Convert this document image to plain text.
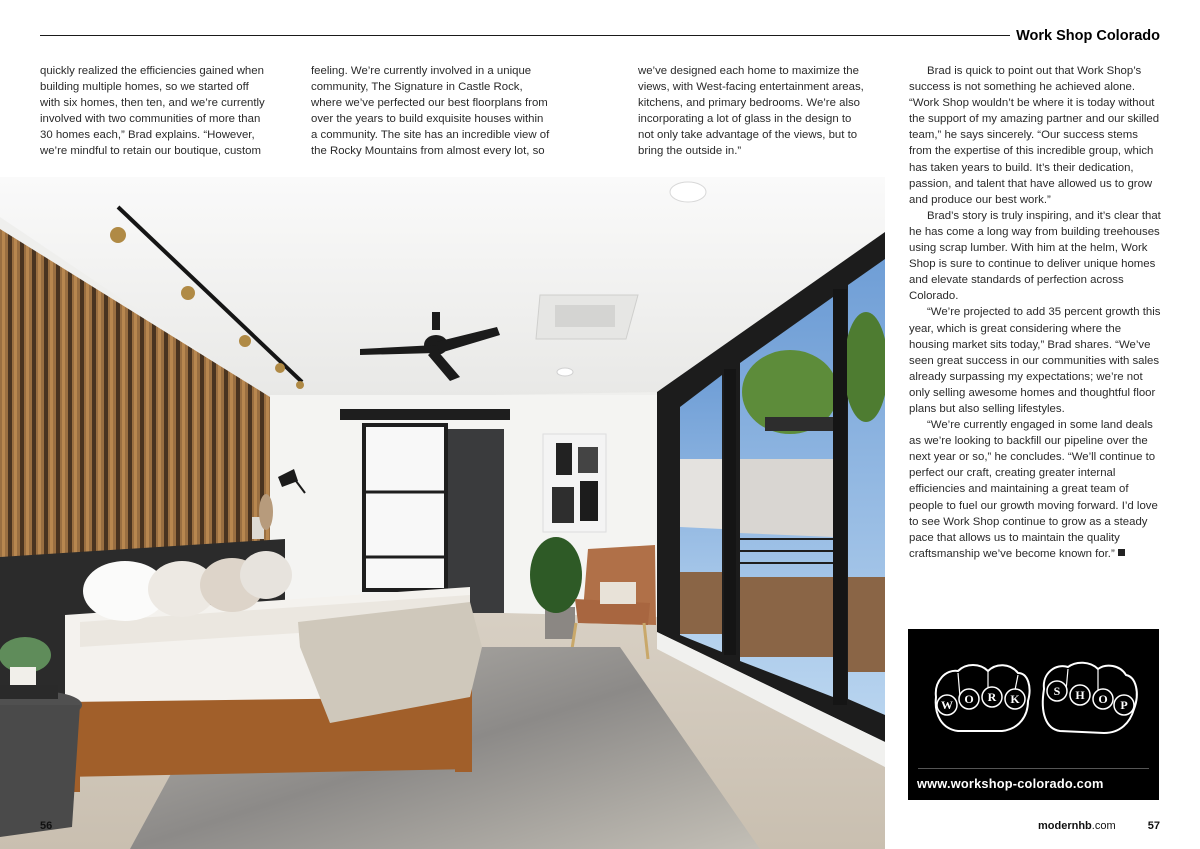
Work Shop Colorado
quickly realized the efficiencies gained when
building multiple homes, so we started off
with six homes, then ten, and we’re currently
involved with two communities of more than
30 homes each,” Brad explains. “However,
we’re mindful to retain our boutique, custom
feeling. We’re currently involved in a unique
community, The Signature in Castle Rock,
where we’ve perfected our best floorplans from
over the years to build exquisite houses within
a community. The site has an incredible view of
the Rocky Mountains from almost every lot, so
we’ve designed each home to maximize the
views, with West-facing entertainment areas,
kitchens, and primary bedrooms. We’re also
incorporating a lot of glass in the design to
not only take advantage of the views, but to
bring the outside in.”

Brad is quick to point out that Work Shop’s success is not something he achieved alone. “Work Shop wouldn’t be where it is today without the support of my amazing partner and our skilled team,” he says sincerely. “Our success stems from the expertise of this incredible group, which has taken years to build. It’s their dedication, passion, and talent that have allowed us to grow and produce our best work.”

Brad’s story is truly inspiring, and it’s clear that he has come a long way from building treehouses using scrap lumber. With him at the helm, Work Shop is sure to continue to deliver unique homes and elevate standards of perfection across Colorado.

“We’re projected to add 35 percent growth this year, which is great considering where the housing market sits today,” Brad shares. “We’ve seen great success in our communities with sales already surpassing my expectations; we’re not only selling awesome homes and thoughtful floor plans but also selling lifestyles.

“We’re currently engaged in some land deals as we’re looking to backfill our pipeline over the next year or so,” he concludes. “We’ll continue to perfect our craft, creating greater internal efficiencies and maintaining a great team of people to fuel our growth moving forward. I’d love to see Work Shop continue to grow as a steady pace that allows us to maintain the quality craftsmanship we’ve become known for.”

W O R K
S H O P
www.workshop-colorado.com
56	modernhb.com	57
